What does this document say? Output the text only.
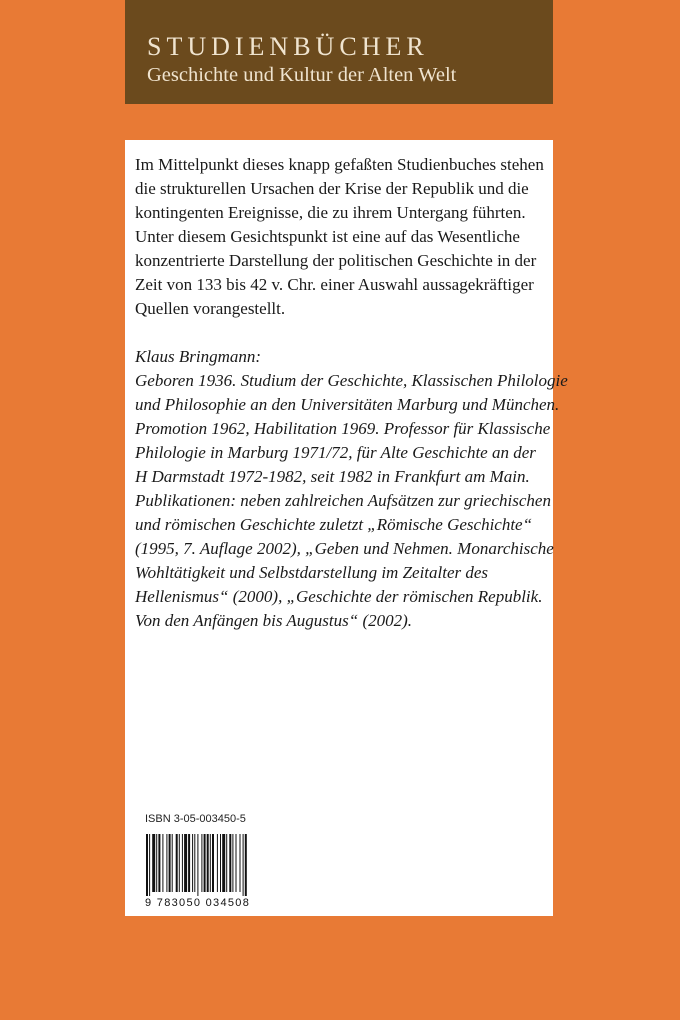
STUDIENBÜCHER
Geschichte und Kultur der Alten Welt
Im Mittelpunkt dieses knapp gefaßten Studienbuches stehen
die strukturellen Ursachen der Krise der Republik und die
kontingenten Ereignisse, die zu ihrem Untergang führten.
Unter diesem Gesichtspunkt ist eine auf das Wesentliche
konzentrierte Darstellung der politischen Geschichte in der
Zeit von 133 bis 42 v. Chr. einer Auswahl aussagekräftiger
Quellen vorangestellt.
Klaus Bringmann:
Geboren 1936. Studium der Geschichte, Klassischen Philologie
und Philosophie an den Universitäten Marburg und München.
Promotion 1962, Habilitation 1969. Professor für Klassische
Philologie in Marburg 1971/72, für Alte Geschichte an der
H Darmstadt 1972-1982, seit 1982 in Frankfurt am Main.
Publikationen: neben zahlreichen Aufsätzen zur griechischen
und römischen Geschichte zuletzt „Römische Geschichte“
(1995, 7. Auflage 2002), „Geben und Nehmen. Monarchische
Wohltätigkeit und Selbstdarstellung im Zeitalter des
Hellenismus“ (2000), „Geschichte der römischen Republik.
Von den Anfängen bis Augustus“ (2002).
ISBN 3-05-003450-5
9 783050 034508
